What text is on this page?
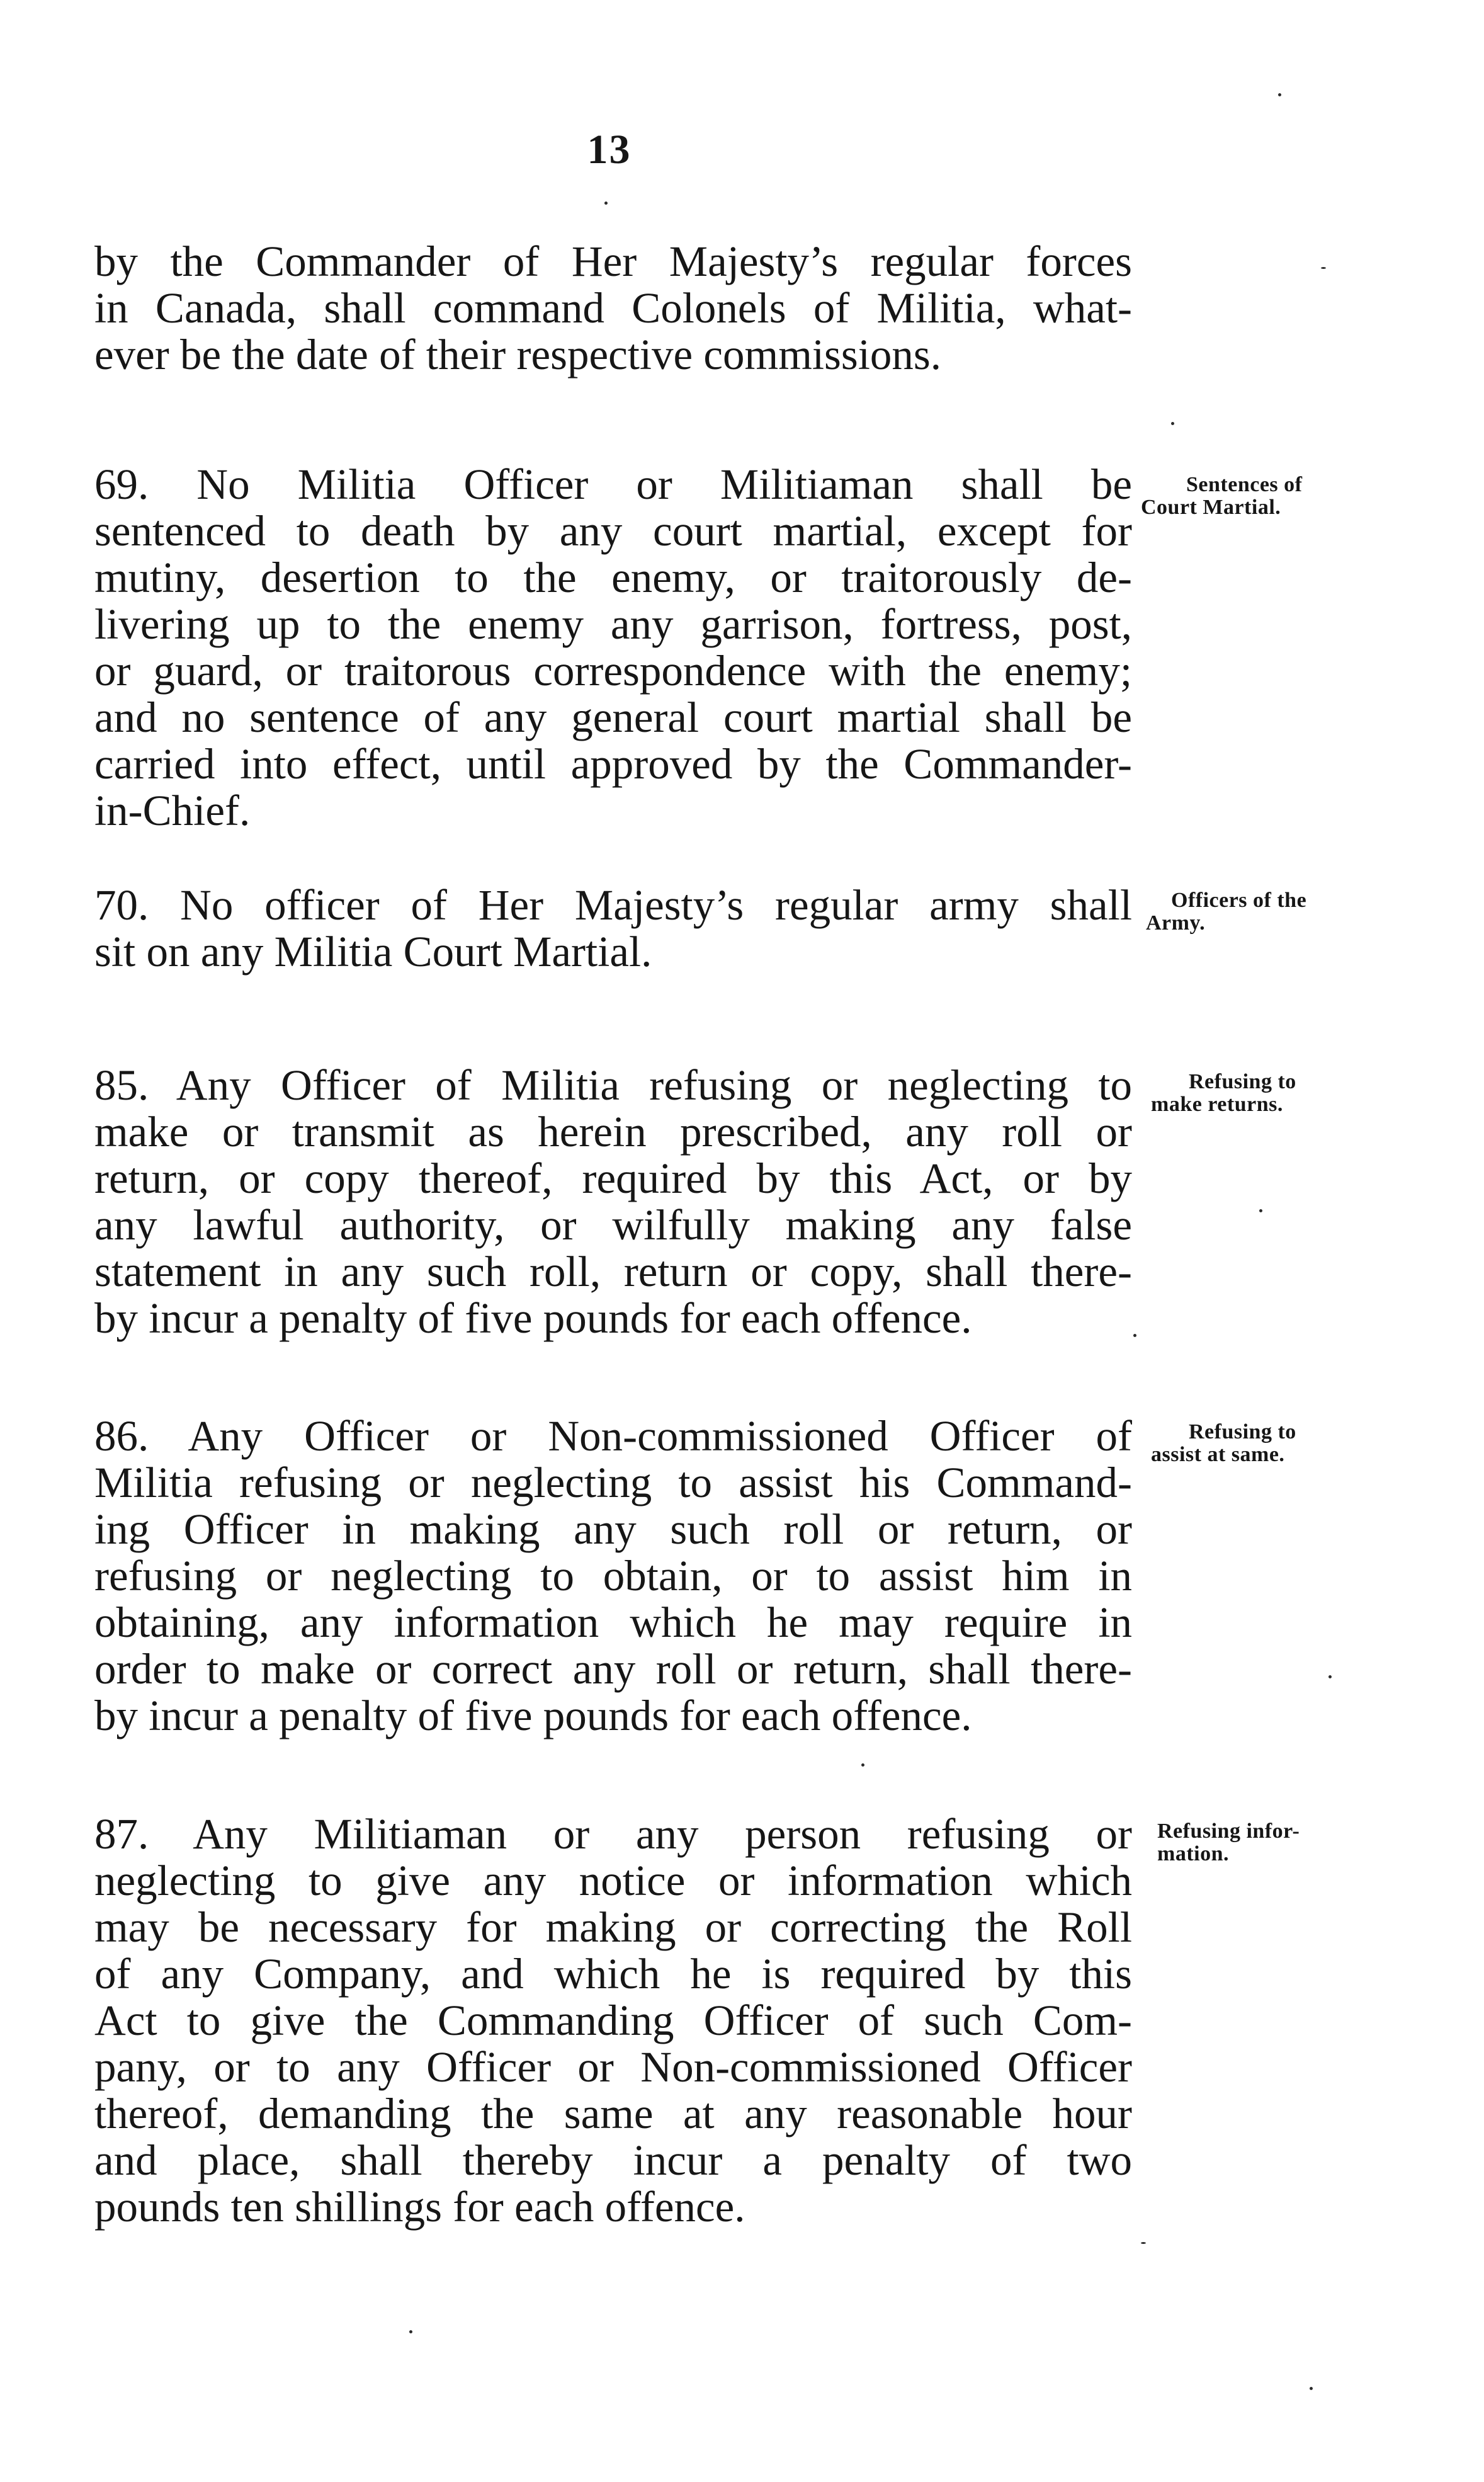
13
by the Commander of Her Majesty’s regular forces
in Canada, shall command Colonels of Militia, what-
ever be the date of their respective commissions.
69. No Militia Officer or Militiaman shall be
sentenced to death by any court martial, except for
mutiny, desertion to the enemy, or traitorously de-
livering up to the enemy any garrison, fortress, post,
or guard, or traitorous correspondence with the enemy;
and no sentence of any general court martial shall be
carried into effect, until approved by the Commander-
in-Chief.
Sentences of
Court Martial.
70. No officer of Her Majesty’s regular army shall
sit on any Militia Court Martial.
Officers of the
Army.
85. Any Officer of Militia refusing or neglecting to
make or transmit as herein prescribed, any roll or
return, or copy thereof, required by this Act, or by
any lawful authority, or wilfully making any false
statement in any such roll, return or copy, shall there-
by incur a penalty of five pounds for each offence.
Refusing to
make returns.
86. Any Officer or Non-commissioned Officer of
Militia refusing or neglecting to assist his Command-
ing Officer in making any such roll or return, or
refusing or neglecting to obtain, or to assist him in
obtaining, any information which he may require in
order to make or correct any roll or return, shall there-
by incur a penalty of five pounds for each offence.
Refusing to
assist at same.
87. Any Militiaman or any person refusing or
neglecting to give any notice or information which
may be necessary for making or correcting the Roll
of any Company, and which he is required by this
Act to give the Commanding Officer of such Com-
pany, or to any Officer or Non-commissioned Officer
thereof, demanding the same at any reasonable hour
and place, shall thereby incur a penalty of two
pounds ten shillings for each offence.
Refusing infor-
mation.
